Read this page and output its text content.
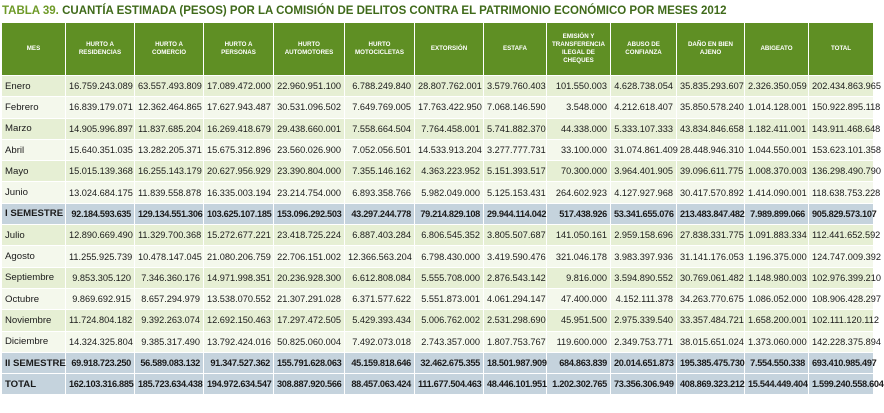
TABLA 39. CUANTÍA ESTIMADA (PESOS) POR LA COMISIÓN DE DELITOS CONTRA EL PATRIMONIO ECONÓMICO POR MESES 2012
MES	HURTO A RESIDENCIAS	HURTO A COMERCIO	HURTO A PERSONAS	HURTO AUTOMOTORES	HURTO MOTOCICLETAS	EXTORSIÓN	ESTAFA	EMISIÓN Y TRANSFERENCIA ILEGAL DE CHEQUES	ABUSO DE CONFIANZA	DAÑO EN BIEN AJENO	ABIGEATO	TOTAL
Enero	16.759.243.089	63.557.493.809	17.089.472.000	22.960.951.100	6.788.249.840	28.807.762.001	3.579.760.403	101.550.003	4.628.738.054	35.835.293.607	2.326.350.059	202.434.863.965
Febrero	16.839.179.071	12.362.464.865	17.627.943.487	30.531.096.502	7.649.769.005	17.763.422.950	7.068.146.590	3.548.000	4.212.618.407	35.850.578.240	1.014.128.001	150.922.895.118
Marzo	14.905.996.897	11.837.685.204	16.269.418.679	29.438.660.001	7.558.664.504	7.764.458.001	5.741.882.370	44.338.000	5.333.107.333	43.834.846.658	1.182.411.001	143.911.468.648
Abril	15.640.351.035	13.282.205.371	15.675.312.896	23.560.026.900	7.052.056.501	14.533.913.204	3.277.777.731	33.100.000	31.074.861.409	28.448.946.310	1.044.550.001	153.623.101.358
Mayo	15.015.139.368	16.255.143.179	20.627.956.929	23.390.804.000	7.355.146.162	4.363.223.952	5.151.393.517	70.300.000	3.964.401.905	39.096.611.775	1.008.370.003	136.298.490.790
Junio	13.024.684.175	11.839.558.878	16.335.003.194	23.214.754.000	6.893.358.766	5.982.049.000	5.125.153.431	264.602.923	4.127.927.968	30.417.570.892	1.414.090.001	118.638.753.228
I SEMESTRE	92.184.593.635	129.134.551.306	103.625.107.185	153.096.292.503	43.297.244.778	79.214.829.108	29.944.114.042	517.438.926	53.341.655.076	213.483.847.482	7.989.899.066	905.829.573.107
Julio	12.890.669.490	11.329.700.368	15.272.677.221	23.418.725.224	6.887.403.284	6.806.545.352	3.805.507.687	141.050.161	2.959.158.696	27.838.331.775	1.091.883.334	112.441.652.592
Agosto	11.255.925.739	10.478.147.045	21.080.206.759	22.706.151.002	12.366.563.204	6.798.430.000	3.419.590.476	321.046.178	3.983.397.936	31.141.176.053	1.196.375.000	124.747.009.392
Septiembre	9.853.305.120	7.346.360.176	14.971.998.351	20.236.928.300	6.612.808.084	5.555.708.000	2.876.543.142	9.816.000	3.594.890.552	30.769.061.482	1.148.980.003	102.976.399.210
Octubre	9.869.692.915	8.657.294.979	13.538.070.552	21.307.291.028	6.371.577.622	5.551.873.001	4.061.294.147	47.400.000	4.152.111.378	34.263.770.675	1.086.052.000	108.906.428.297
Noviembre	11.724.804.182	9.392.263.074	12.692.150.463	17.297.472.505	5.429.393.434	5.006.762.002	2.531.298.690	45.951.500	2.975.339.540	33.357.484.721	1.658.200.001	102.111.120.112
Diciembre	14.324.325.804	9.385.317.490	13.792.424.016	50.825.060.004	7.492.073.018	2.743.357.000	1.807.753.767	119.600.000	2.349.753.771	38.015.651.024	1.373.060.000	142.228.375.894
II SEMESTRE	69.918.723.250	56.589.083.132	91.347.527.362	155.791.628.063	45.159.818.646	32.462.675.355	18.501.987.909	684.863.839	20.014.651.873	195.385.475.730	7.554.550.338	693.410.985.497
TOTAL	162.103.316.885	185.723.634.438	194.972.634.547	308.887.920.566	88.457.063.424	111.677.504.463	48.446.101.951	1.202.302.765	73.356.306.949	408.869.323.212	15.544.449.404	1.599.240.558.604
